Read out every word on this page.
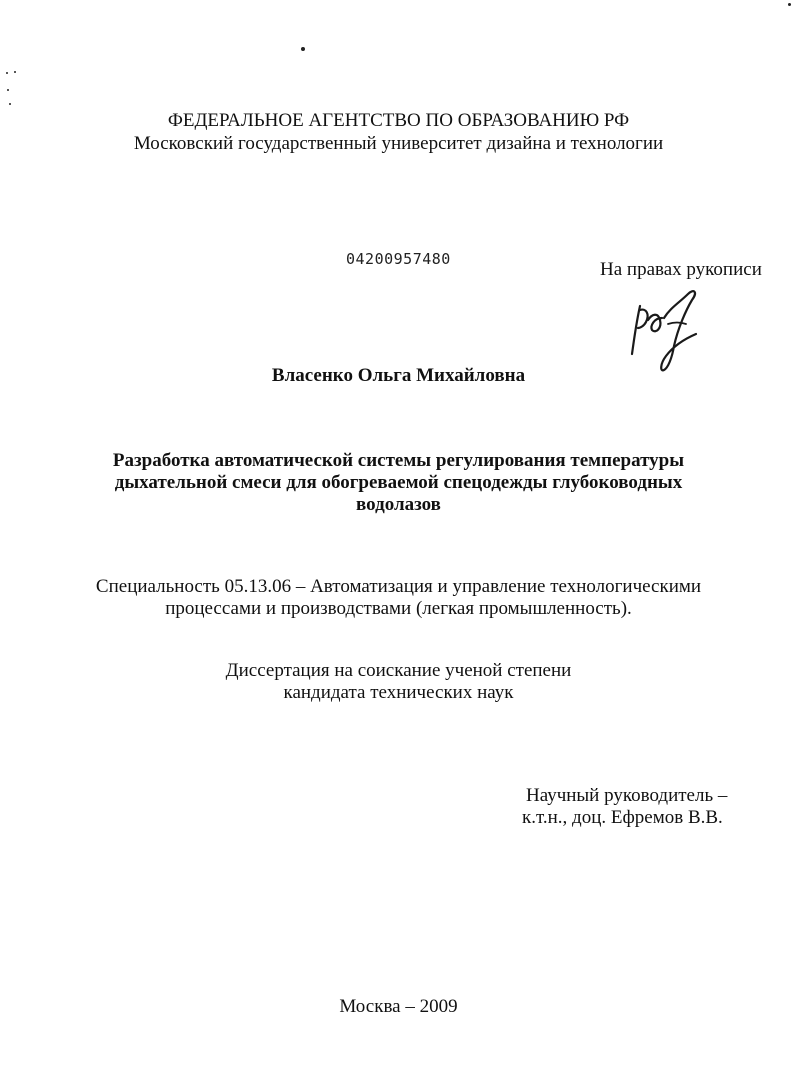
ФЕДЕРАЛЬНОЕ АГЕНТСТВО ПО ОБРАЗОВАНИЮ РФ
Московский государственный университет дизайна и технологии
04200957480	На правах рукописи
Власенко Ольга Михайловна
Разработка автоматической системы регулирования температуры
дыхательной смеси для обогреваемой спецодежды глубоководных
водолазов
Специальность 05.13.06 – Автоматизация и управление технологическими
процессами и производствами (легкая промышленность).
Диссертация на соискание ученой степени
кандидата технических наук
Научный руководитель –
к.т.н., доц. Ефремов В.В.
Москва – 2009
